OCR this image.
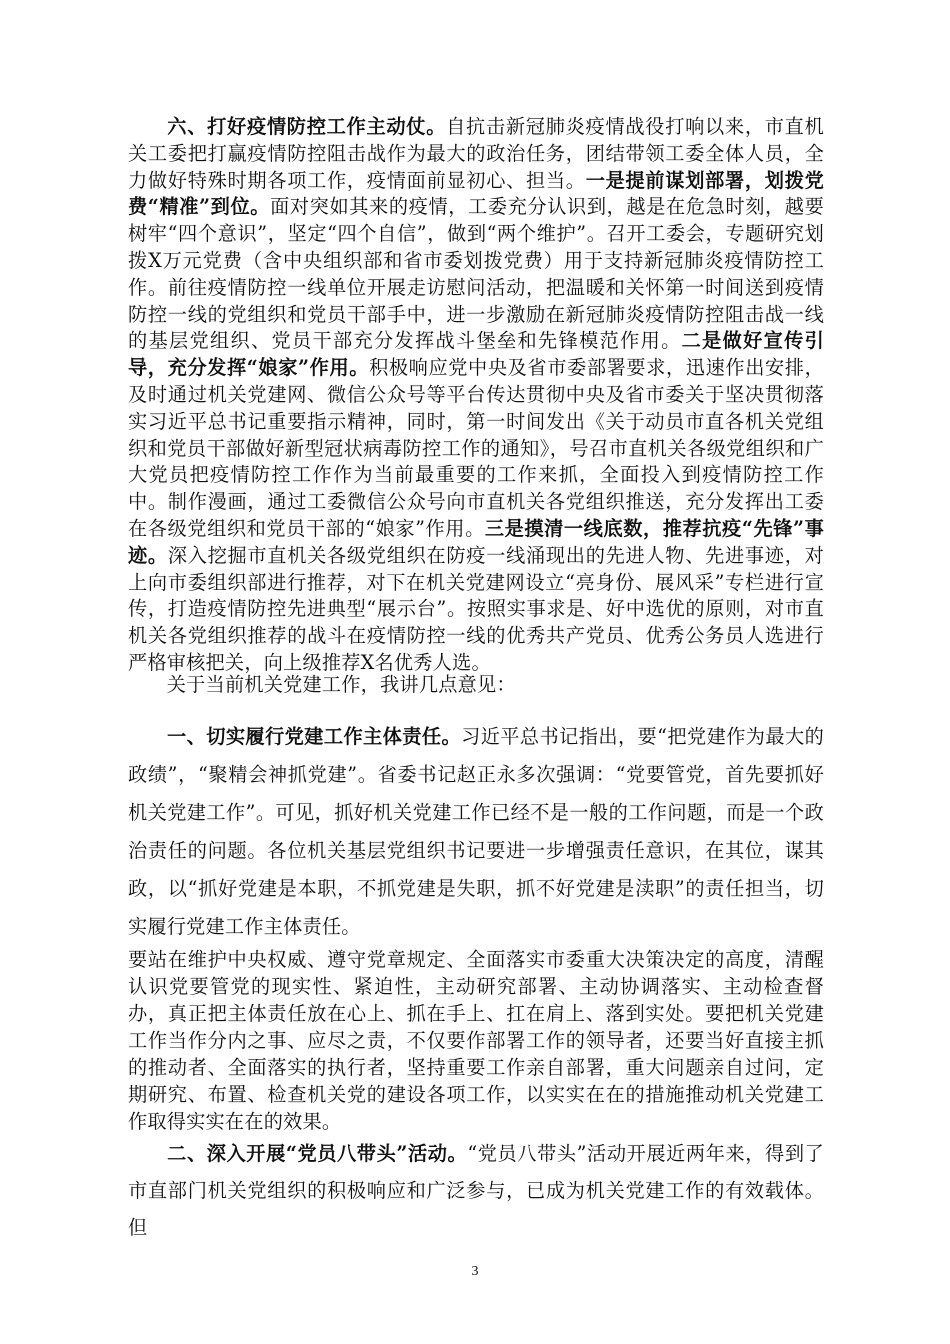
  六、打好疫情防控工作主动仗。自抗击新冠肺炎疫情战役打响以来，市直机关工委把打赢疫情防控阻击战作为最大的政治任务，团结带领工委全体人员，全力做好特殊时期各项工作，疫情面前显初心、担当。一是提前谋划部署，划拨党费“精准”到位。面对突如其来的疫情，工委充分认识到，越是在危急时刻，越要树牢“四个意识”，坚定“四个自信”，做到“两个维护”。召开工委会，专题研究划拨X万元党费（含中央组织部和省市委划拨党费）用于支持新冠肺炎疫情防控工作。前往疫情防控一线单位开展走访慰问活动，把温暖和关怀第一时间送到疫情防控一线的党组织和党员干部手中，进一步激励在新冠肺炎疫情防控阻击战一线的基层党组织、党员干部充分发挥战斗堡垒和先锋模范作用。二是做好宣传引导，充分发挥“娘家”作用。积极响应党中央及省市委部署要求，迅速作出安排，及时通过机关党建网、微信公众号等平台传达贯彻中央及省市委关于坚决贯彻落实习近平总书记重要指示精神，同时，第一时间发出《关于动员市直各机关党组织和党员干部做好新型冠状病毒防控工作的通知》，号召市直机关各级党组织和广大党员把疫情防控工作作为当前最重要的工作来抓，全面投入到疫情防控工作中。制作漫画，通过工委微信公众号向市直机关各党组织推送，充分发挥出工委在各级党组织和党员干部的“娘家”作用。三是摸清一线底数，推荐抗疫“先锋”事迹。深入挖掘市直机关各级党组织在防疫一线涌现出的先进人物、先进事迹，对上向市委组织部进行推荐，对下在机关党建网设立“亮身份、展风采”专栏进行宣传，打造疫情防控先进典型“展示台”。按照实事求是、好中选优的原则，对市直机关各党组织推荐的战斗在疫情防控一线的优秀共产党员、优秀公务员人选进行严格审核把关，向上级推荐X名优秀人选。

  关于当前机关党建工作，我讲几点意见：

  一、切实履行党建工作主体责任。习近平总书记指出，要“把党建作为最大的政绩”，“聚精会神抓党建”。省委书记赵正永多次强调：“党要管党，首先要抓好机关党建工作”。可见，抓好机关党建工作已经不是一般的工作问题，而是一个政治责任的问题。各位机关基层党组织书记要进一步增强责任意识，在其位，谋其政，以“抓好党建是本职，不抓党建是失职，抓不好党建是渎职”的责任担当，切实履行党建工作主体责任。
要站在维护中央权威、遵守党章规定、全面落实市委重大决策决定的高度，清醒认识党要管党的现实性、紧迫性，主动研究部署、主动协调落实、主动检查督办，真正把主体责任放在心上、抓在手上、扛在肩上、落到实处。要把机关党建工作当作分内之事、应尽之责，不仅要作部署工作的领导者，还要当好直接主抓的推动者、全面落实的执行者，坚持重要工作亲自部署，重大问题亲自过问，定期研究、布置、检查机关党的建设各项工作，以实实在在的措施推动机关党建工作取得实实在在的效果。

  二、深入开展“党员八带头”活动。“党员八带头”活动开展近两年来，得到了市直部门机关党组织的积极响应和广泛参与，已成为机关党建工作的有效载体。但

3
